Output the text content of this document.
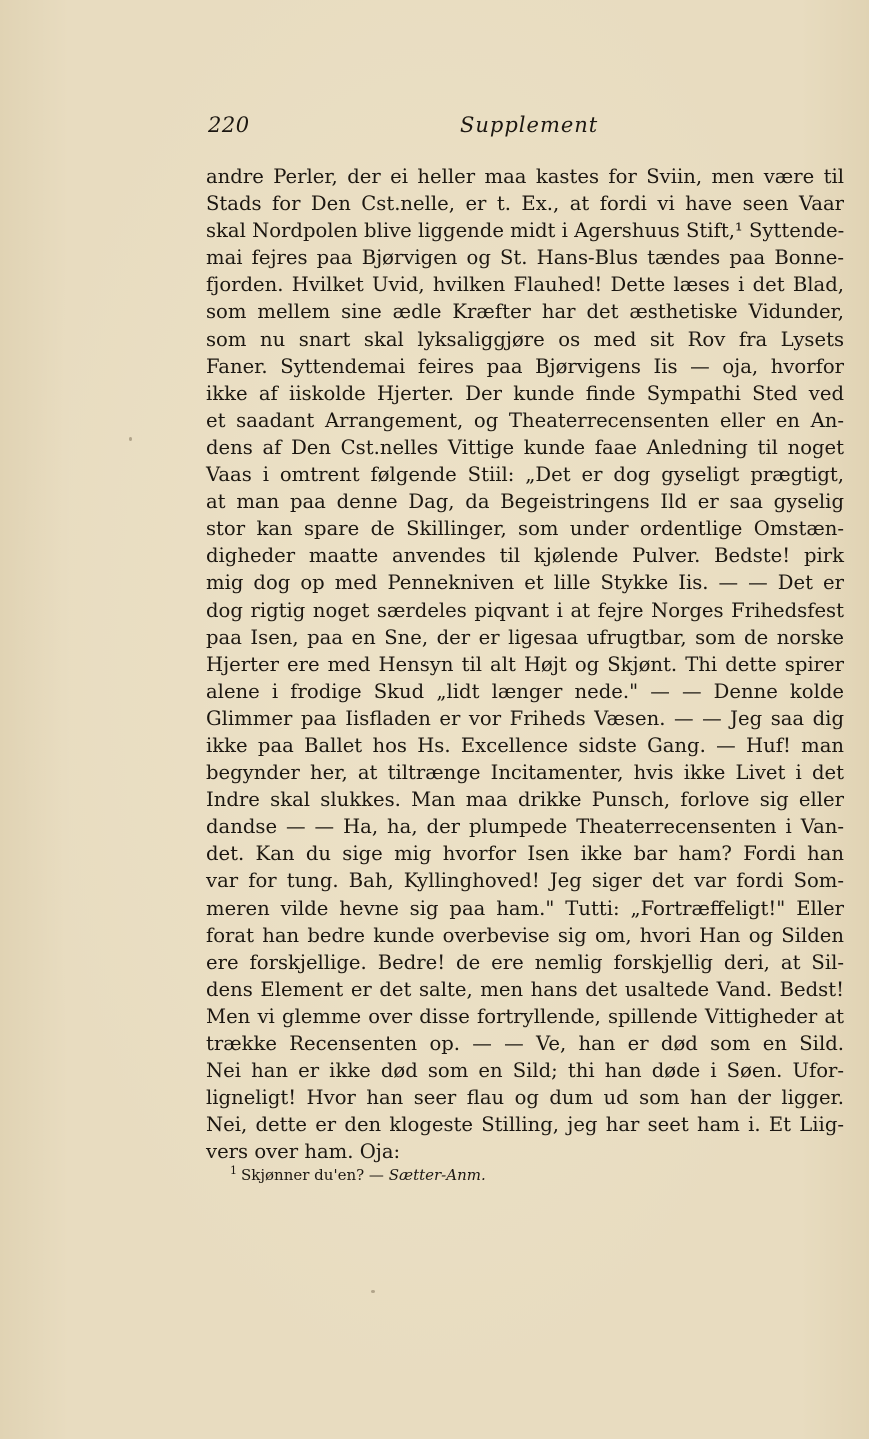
220	Supplement
andre Perler, der ei heller maa kastes for Sviin, men være til
Stads for Den Cst.nelle, er t. Ex., at fordi vi have seen Vaar
skal Nordpolen blive liggende midt i Agershuus Stift,¹ Syttende-
mai fejres paa Bjørvigen og St. Hans-Blus tændes paa Bonne-
fjorden. Hvilket Uvid, hvilken Flauhed! Dette læses i det Blad,
som mellem sine ædle Kræfter har det æsthetiske Vidunder,
som nu snart skal lyksaliggjøre os med sit Rov fra Lysets
Faner. Syttendemai feires paa Bjørvigens Iis — oja, hvorfor
ikke af iiskolde Hjerter. Der kunde finde Sympathi Sted ved
et saadant Arrangement, og Theaterrecensenten eller en An-
dens af Den Cst.nelles Vittige kunde faae Anledning til noget
Vaas i omtrent følgende Stiil: „Det er dog gyseligt prægtigt,
at man paa denne Dag, da Begeistringens Ild er saa gyselig
stor kan spare de Skillinger, som under ordentlige Omstæn-
digheder maatte anvendes til kjølende Pulver. Bedste! pirk
mig dog op med Pennekniven et lille Stykke Iis. — — Det er
dog rigtig noget særdeles piqvant i at fejre Norges Frihedsfest
paa Isen, paa en Sne, der er ligesaa ufrugtbar, som de norske
Hjerter ere med Hensyn til alt Højt og Skjønt. Thi dette spirer
alene i frodige Skud „lidt længer nede." — — Denne kolde
Glimmer paa Iisfladen er vor Friheds Væsen. — — Jeg saa dig
ikke paa Ballet hos Hs. Excellence sidste Gang. — Huf! man
begynder her, at tiltrænge Incitamenter, hvis ikke Livet i det
Indre skal slukkes. Man maa drikke Punsch, forlove sig eller
dandse — — Ha, ha, der plumpede Theaterrecensenten i Van-
det. Kan du sige mig hvorfor Isen ikke bar ham? Fordi han
var for tung. Bah, Kyllinghoved! Jeg siger det var fordi Som-
meren vilde hevne sig paa ham." Tutti: „Fortræffeligt!" Eller
forat han bedre kunde overbevise sig om, hvori Han og Silden
ere forskjellige. Bedre! de ere nemlig forskjellig deri, at Sil-
dens Element er det salte, men hans det usaltede Vand. Bedst!
Men vi glemme over disse fortryllende, spillende Vittigheder at
trække Recensenten op. — — Ve, han er død som en Sild.
Nei han er ikke død som en Sild; thi han døde i Søen. Ufor-
ligneligt! Hvor han seer flau og dum ud som han der ligger.
Nei, dette er den klogeste Stilling, jeg har seet ham i. Et Liig-
vers over ham. Oja:
$^1$ Skjønner du'en? — Sætter-Anm.
